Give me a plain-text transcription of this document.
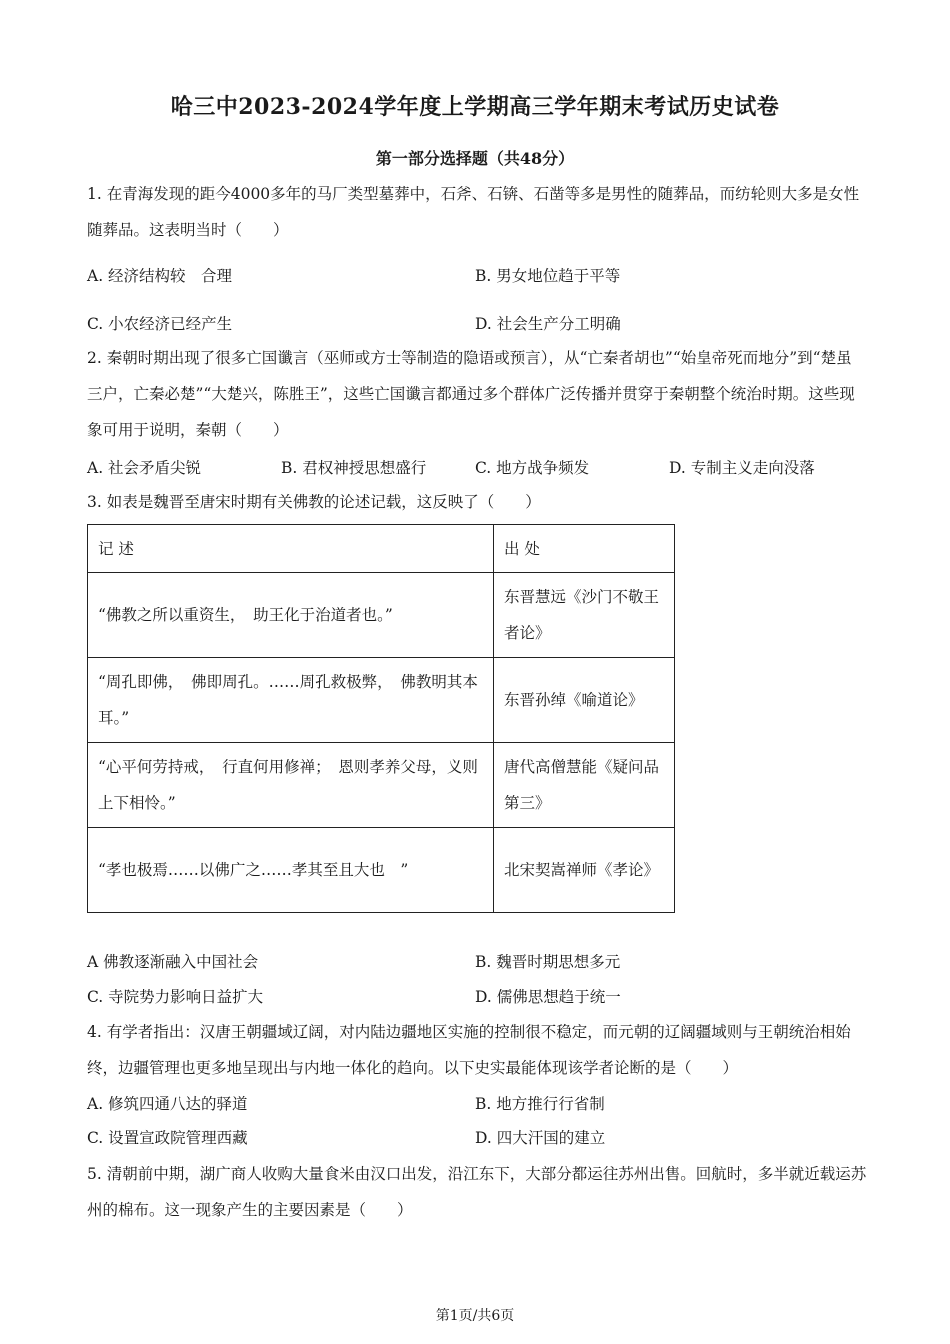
哈三中2023-2024学年度上学期高三学年期末考试历史试卷
第一部分选择题（共48分）
1. 在青海发现的距今4000多年的马厂类型墓葬中，石斧、石锛、石凿等多是男性的随葬品，而纺轮则大多是女性随葬品。这表明当时（　　）
A. 经济结构较　合理	B. 男女地位趋于平等
C. 小农经济已经产生	D. 社会生产分工明确
2. 秦朝时期出现了很多亡国谶言（巫师或方士等制造的隐语或预言），从“亡秦者胡也”“始皇帝死而地分”到“楚虽三户，亡秦必楚”“大楚兴，陈胜王”，这些亡国谶言都通过多个群体广泛传播并贯穿于秦朝整个统治时期。这些现象可用于说明，秦朝（　　）
A. 社会矛盾尖锐	B. 君权神授思想盛行	C. 地方战争频发	D. 专制主义走向没落
3. 如表是魏晋至唐宋时期有关佛教的论述记载，这反映了（　　）
记 述	出 处
“佛教之所以重资生，　助王化于治道者也。”	东晋慧远《沙门不敬王者论》
“周孔即佛，　佛即周孔。……周孔救极弊，　佛教明其本耳。”	东晋孙绰《喻道论》
“心平何劳持戒，　行直何用修禅；　恩则孝养父母，义则上下相怜。”	唐代高僧慧能《疑问品第三》
“孝也极焉……以佛广之……孝其至且大也　”	北宋契嵩禅师《孝论》
A 佛教逐渐融入中国社会	B. 魏晋时期思想多元
C. 寺院势力影响日益扩大	D. 儒佛思想趋于统一
4. 有学者指出：汉唐王朝疆域辽阔，对内陆边疆地区实施的控制很不稳定，而元朝的辽阔疆域则与王朝统治相始终，边疆管理也更多地呈现出与内地一体化的趋向。以下史实最能体现该学者论断的是（　　）
A. 修筑四通八达的驿道	B. 地方推行行省制
C. 设置宣政院管理西藏	D. 四大汗国的建立
5. 清朝前中期，湖广商人收购大量食米由汉口出发，沿江东下，大部分都运往苏州出售。回航时，多半就近载运苏州的棉布。这一现象产生的主要因素是（　　）
第1页/共6页
